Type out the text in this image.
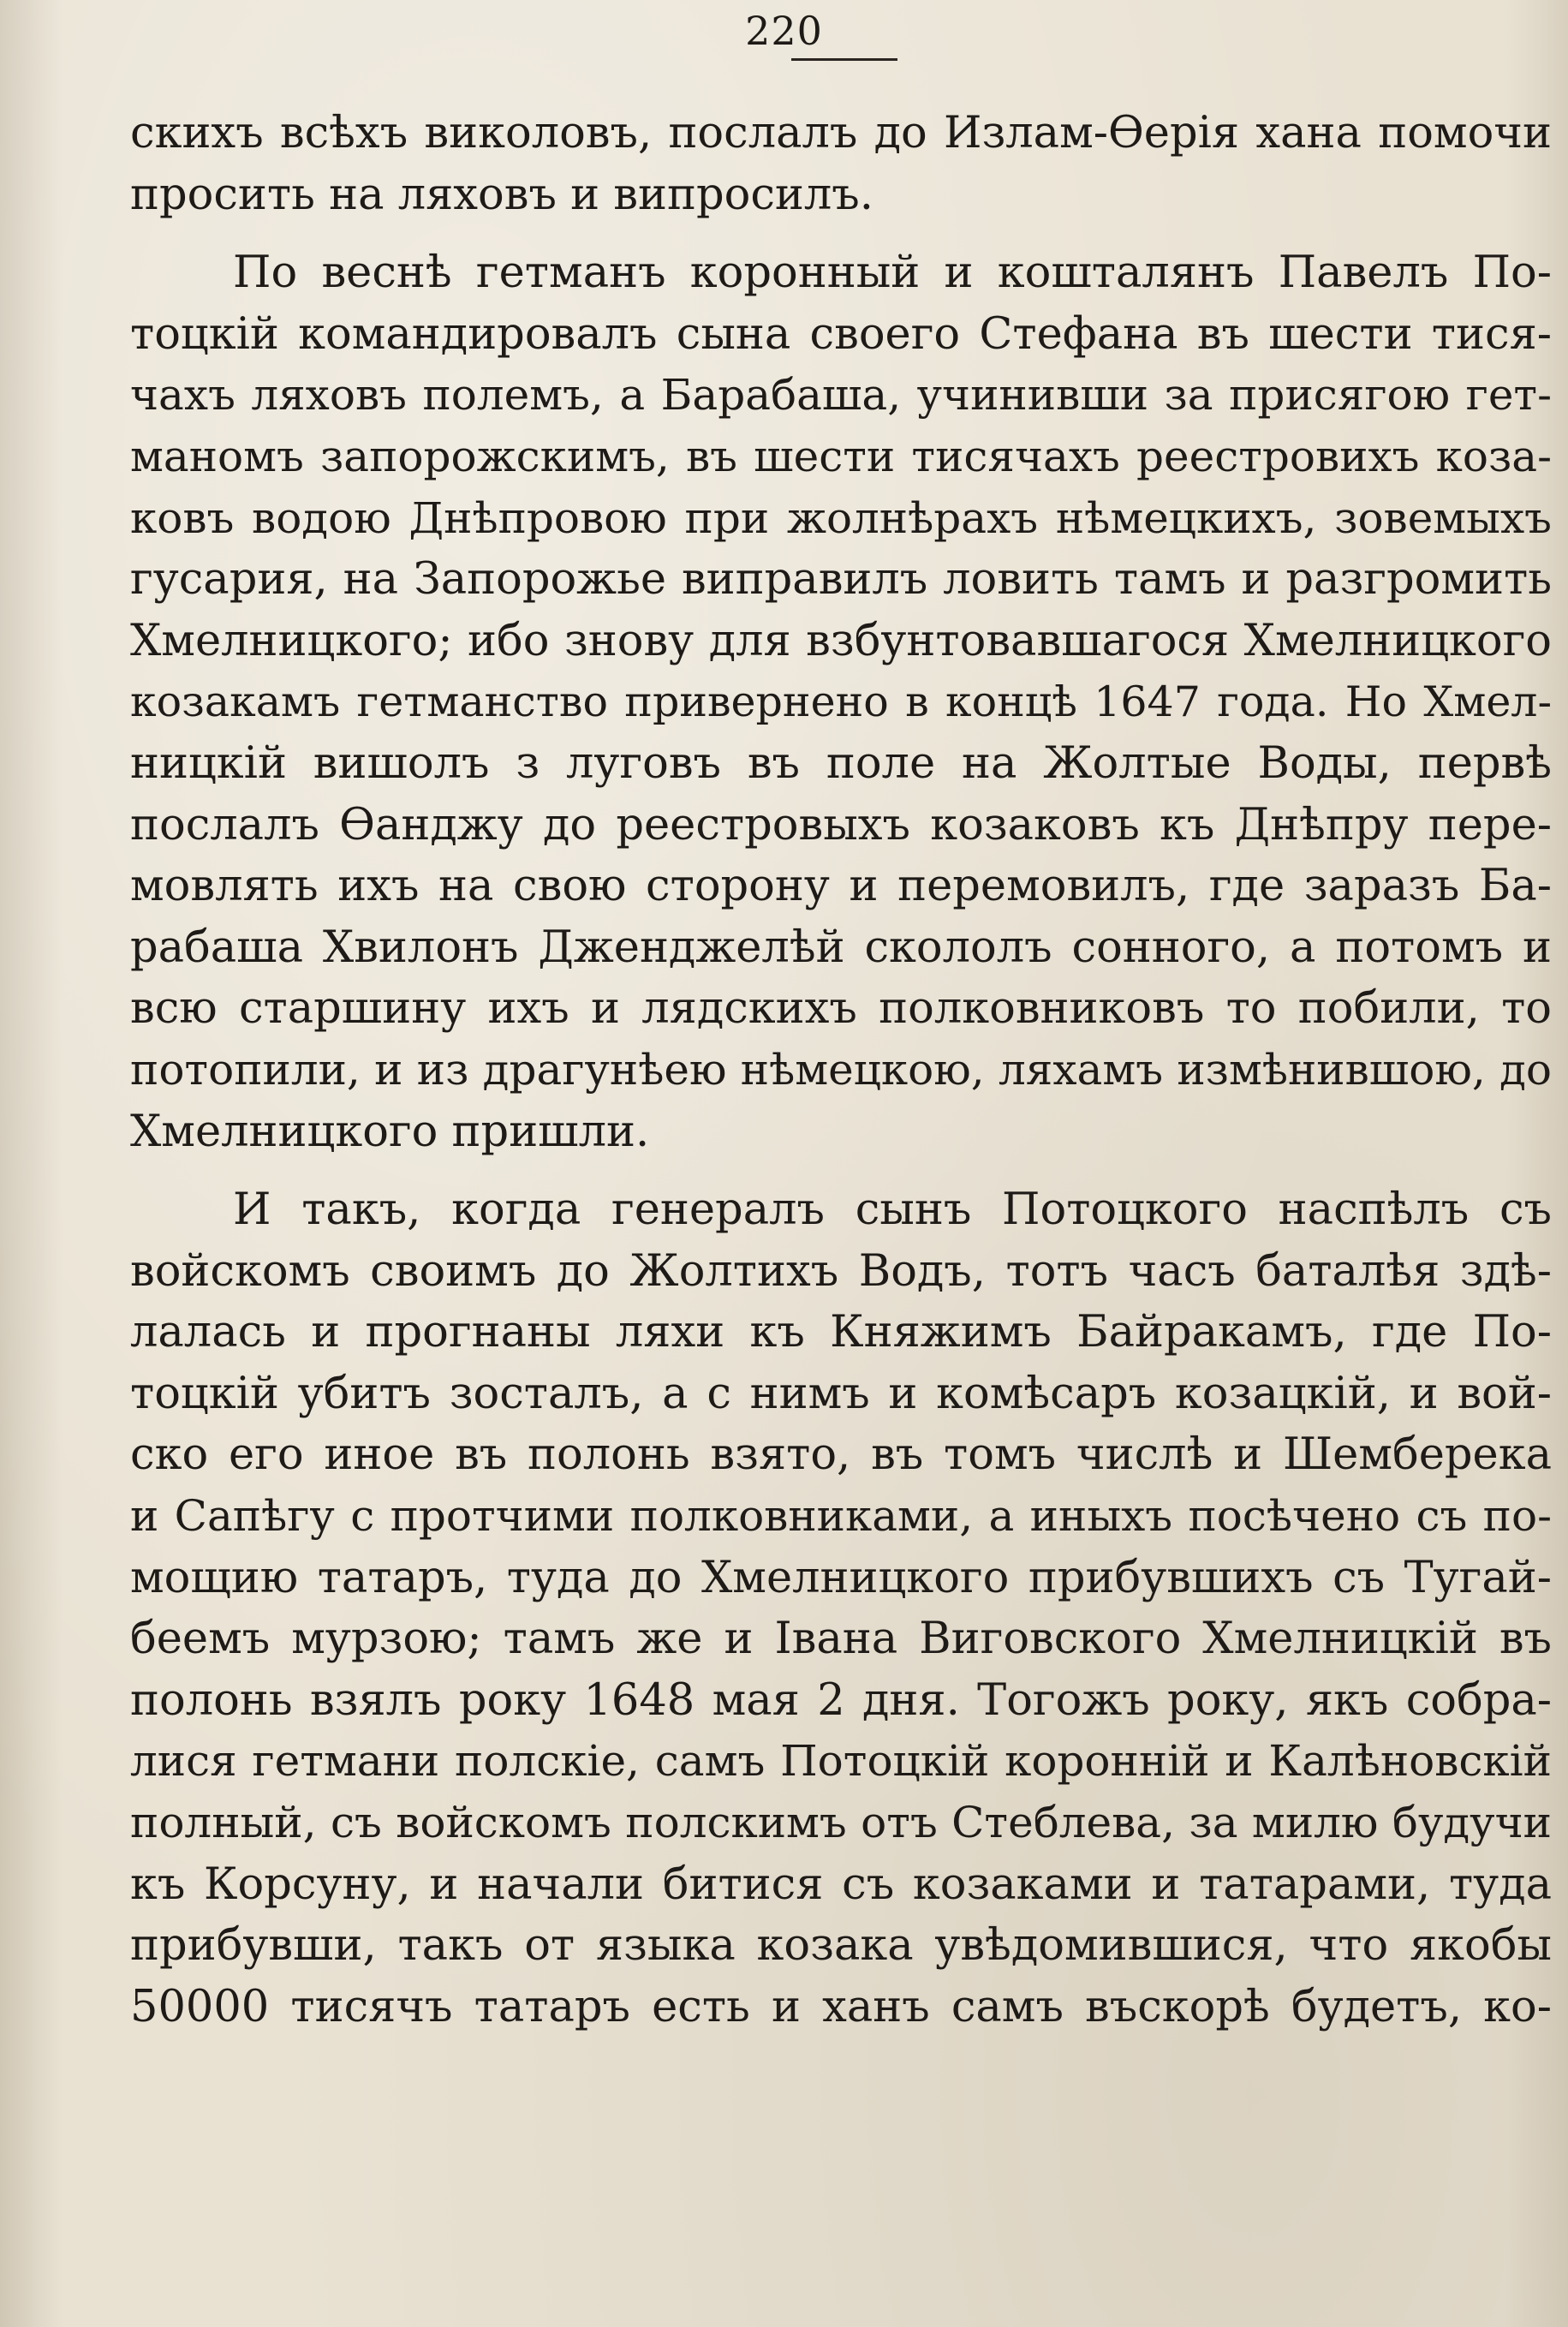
220
скихъ всѣхъ виколовъ, послалъ до Излам-Ѳерія хана помочи
просить на ляховъ и випросилъ.
По веснѣ гетманъ коронный и коштaлянъ Павелъ По-
тоцкій командировалъ сына своего Стефана въ шести тися-
чахъ ляховъ полемъ, а Барабаша, учинивши за присягою гет-
маномъ запорожскимъ, въ шести тисячахъ реестровихъ коза-
ковъ водою Днѣпровою при жолнѣрахъ нѣмецкихъ, зовемыхъ
гусария, на Запорожье виправилъ ловить тамъ и разгромить
Хмелницкого; ибо знову для взбунтовавшагося Хмелницкого
козакамъ гетманство привернено в концѣ 1647 года. Но Хмел-
ницкій вишолъ з луговъ въ поле на Жолтые Воды, первѣ
послалъ Ѳанджу до реестровыхъ козаковъ къ Днѣпру пере-
мовлять ихъ на свою сторону и перемовилъ, где заразъ Ба-
рабаша Хвилонъ Дженджелѣй скололъ сонного, а потомъ и
всю старшину ихъ и лядскихъ полковниковъ то побили, то
потопили, и из драгунѣею нѣмецкою, ляхамъ измѣнившою, до
Хмелницкого пришли.
И такъ, когда генералъ сынъ Потоцкого наспѣлъ съ
войскомъ своимъ до Жолтихъ Водъ, тотъ часъ баталѣя здѣ-
лалась и прогнаны ляхи къ Княжимъ Байракамъ, где По-
тоцкій убитъ зосталъ, а с нимъ и комѣсаръ козацкій, и вой-
ско его иное въ полонь взято, въ томъ числѣ и Шемберека
и Сапѣгу с протчими полковниками, а иныхъ посѣчено съ по-
мощию татаръ, туда до Хмелницкого прибувшихъ съ Тугай-
беемъ мурзою; тамъ же и Івана Виговского Хмелницкій въ
полонь взялъ року 1648 мая 2 дня. Тогожъ року, якъ собра-
лися гетмани полскіе, самъ Потоцкій коронній и Калѣновскій
полный, съ войскомъ полскимъ отъ Стеблева, за милю будучи
къ Корсуну, и начали битися съ козаками и татарами, туда
прибувши, такъ от языка козака увѣдомившися, что якобы
50000 тисячъ татаръ есть и ханъ самъ въскорѣ будетъ, ко-
